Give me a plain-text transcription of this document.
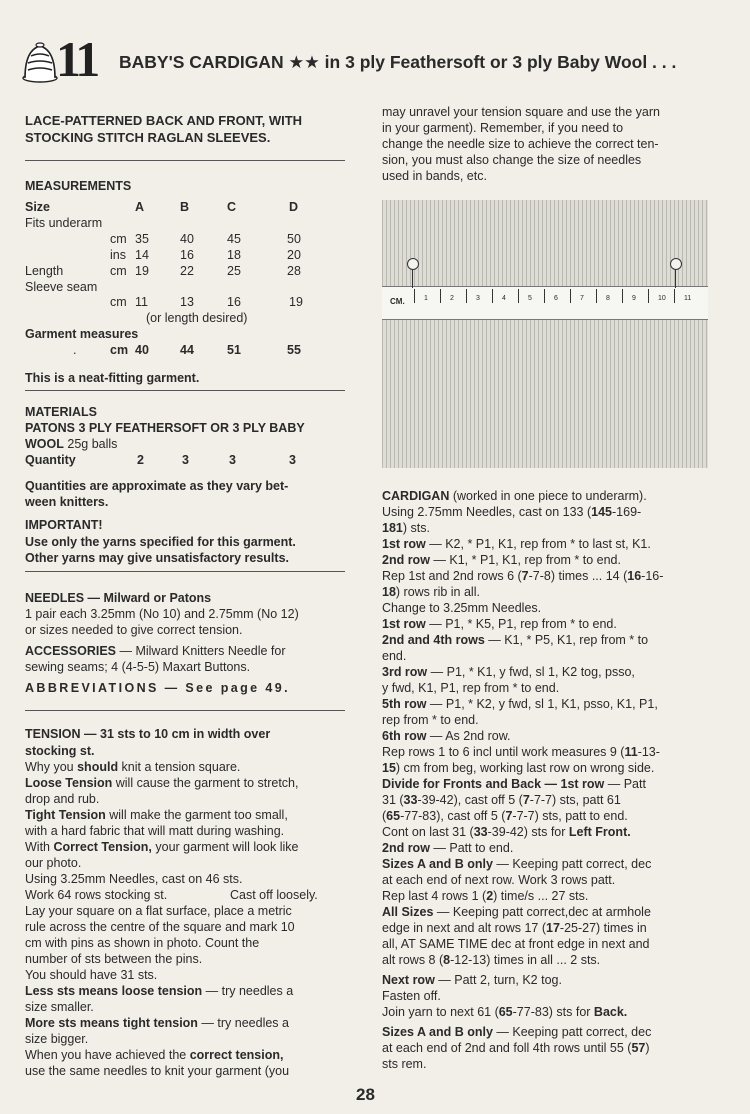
11 BABY'S CARDIGAN ★★ in 3 ply Feathersoft or 3 ply Baby Wool . . .
LACE-PATTERNED BACK AND FRONT, WITH
STOCKING STITCH RAGLAN SLEEVES.
MEASUREMENTS
Size	A	B	C	D
Fits underarm
cm 35 40	45	50
ins 14 16	18	20
Length	cm 19 22	25	28
Sleeve seam
cm 11	13	16	19
(or length desired)
Garment measures
.	cm 40 44	51	55
This is a neat-fitting garment.
MATERIALS
PATONS 3 PLY FEATHERSOFT OR 3 PLY BABY
WOOL 25g balls
Quantity	2	3	3	3
Quantities are approximate as they vary bet-
ween knitters.
IMPORTANT!
Use only the yarns specified for this garment.
Other yarns may give unsatisfactory results.
NEEDLES — Milward or Patons
1 pair each 3.25mm (No 10) and 2.75mm (No 12)
or sizes needed to give correct tension.
ACCESSORIES — Milward Knitters Needle for
sewing seams; 4 (4-5-5) Maxart Buttons.
ABBREVIATIONS — See page 49.
TENSION — 31 sts to 10 cm in width over
stocking st.
Why you should knit a tension square.
Loose Tension will cause the garment to stretch,
drop and rub.
Tight Tension will make the garment too small,
with a hard fabric that will matt during washing.
With Correct Tension, your garment will look like
our photo.
Using 3.25mm Needles, cast on 46 sts.
Work 64 rows stocking st.	Cast off loosely.
Lay your square on a flat surface, place a metric
rule across the centre of the square and mark 10
cm with pins as shown in photo. Count the
number of sts between the pins.
You should have 31 sts.
Less sts means loose tension — try needles a
size smaller.
More sts means tight tension — try needles a
size bigger.
When you have achieved the correct tension,
use the same needles to knit your garment (you
may unravel your tension square and use the yarn
in your garment). Remember, if you need to
change the needle size to achieve the correct ten-
sion, you must also change the size of needles
used in bands, etc.
CM.	1	2	3	4	5	6	7	8	9	10	11
CARDIGAN (worked in one piece to underarm).
Using 2.75mm Needles, cast on 133 (145-169-
181) sts.
1st row — K2, * P1, K1, rep from * to last st, K1.
2nd row — K1, * P1, K1, rep from * to end.
Rep 1st and 2nd rows 6 (7-7-8) times ... 14 (16-16-
18) rows rib in all.
Change to 3.25mm Needles.
1st row — P1, * K5, P1, rep from * to end.
2nd and 4th rows — K1, * P5, K1, rep from * to
end.
3rd row — P1, * K1, y fwd, sl 1, K2 tog, psso,
y fwd, K1, P1, rep from * to end.
5th row — P1, * K2, y fwd, sl 1, K1, psso, K1, P1,
rep from * to end.
6th row — As 2nd row.
Rep rows 1 to 6 incl until work measures 9 (11-13-
15) cm from beg, working last row on wrong side.
Divide for Fronts and Back — 1st row — Patt
31 (33-39-42), cast off 5 (7-7-7) sts, patt 61
(65-77-83), cast off 5 (7-7-7) sts, patt to end.
Cont on last 31 (33-39-42) sts for Left Front.
2nd row — Patt to end.
Sizes A and B only — Keeping patt correct, dec
at each end of next row. Work 3 rows patt.
Rep last 4 rows 1 (2) time/s ... 27 sts.
All Sizes — Keeping patt correct,dec at armhole
edge in next and alt rows 17 (17-25-27) times in
all, AT SAME TIME dec at front edge in next and
alt rows 8 (8-12-13) times in all ... 2 sts.
Next row — Patt 2, turn, K2 tog.
Fasten off.
Join yarn to next 61 (65-77-83) sts for Back.
Sizes A and B only — Keeping patt correct, dec
at each end of 2nd and foll 4th rows until 55 (57)
sts rem.
28
